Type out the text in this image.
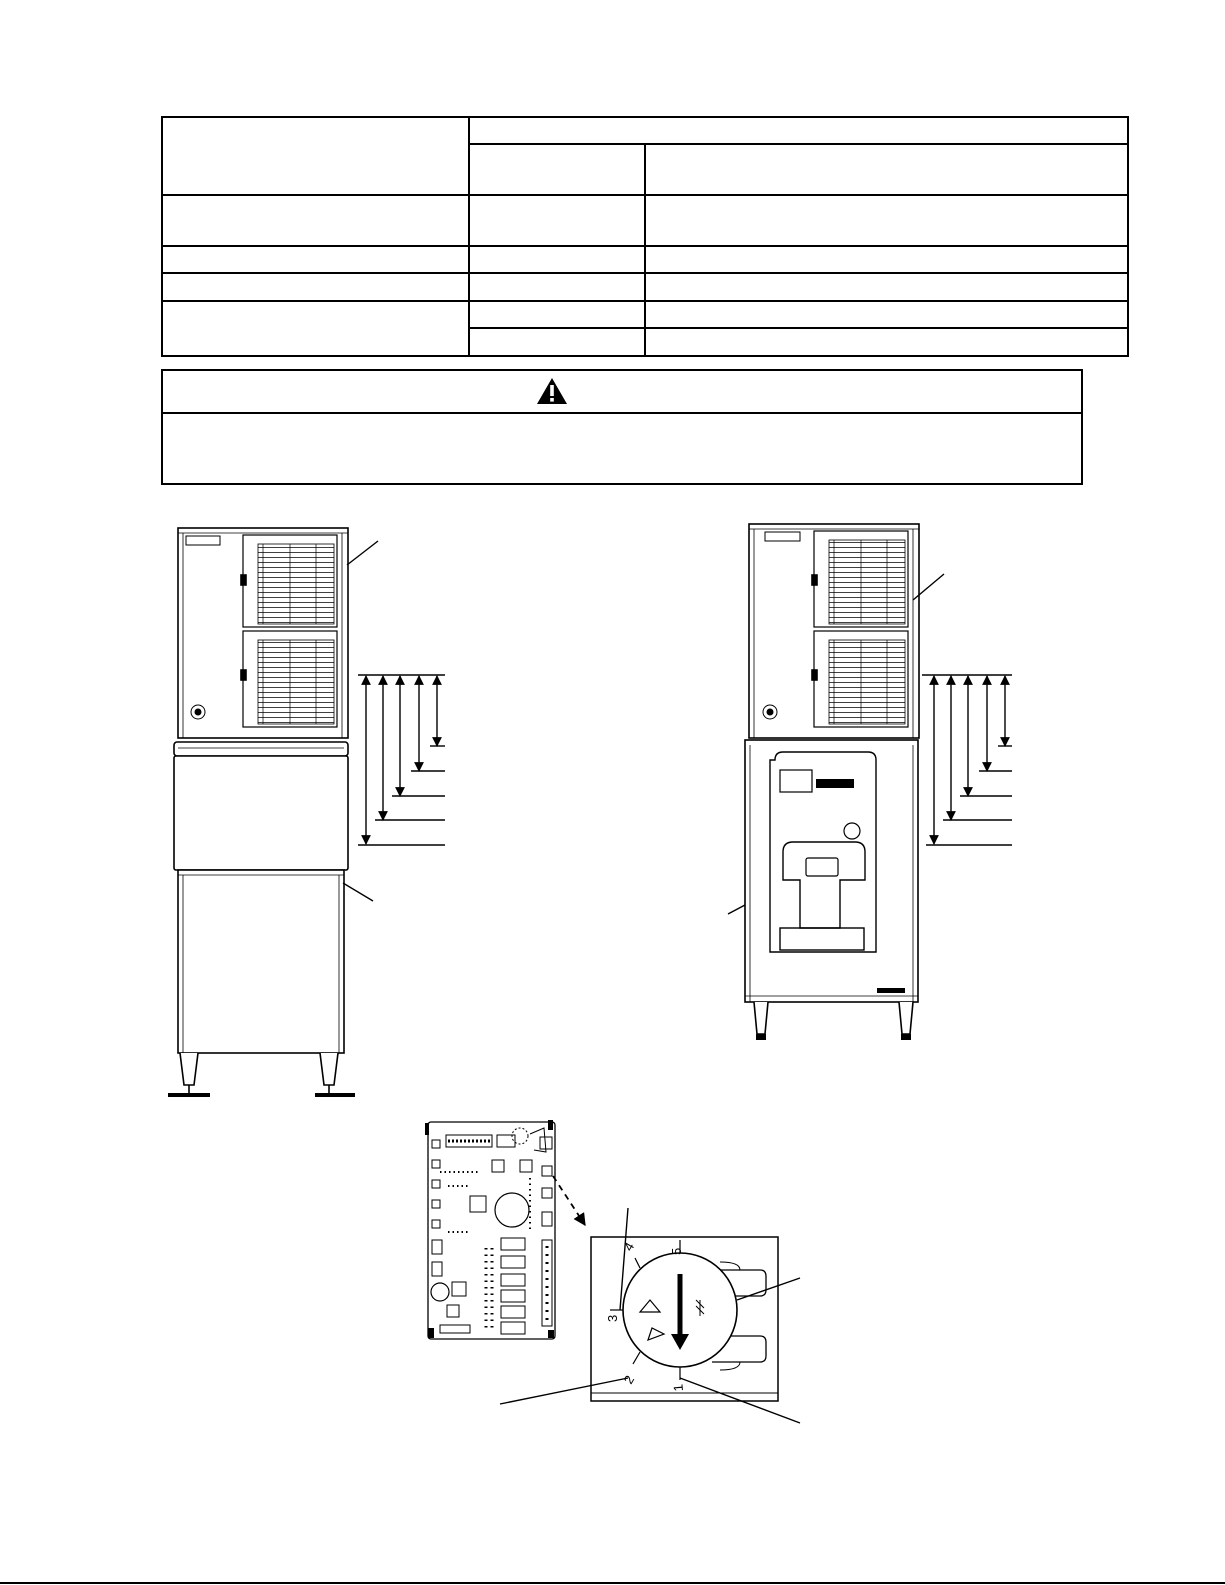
1
2
3
4 5
